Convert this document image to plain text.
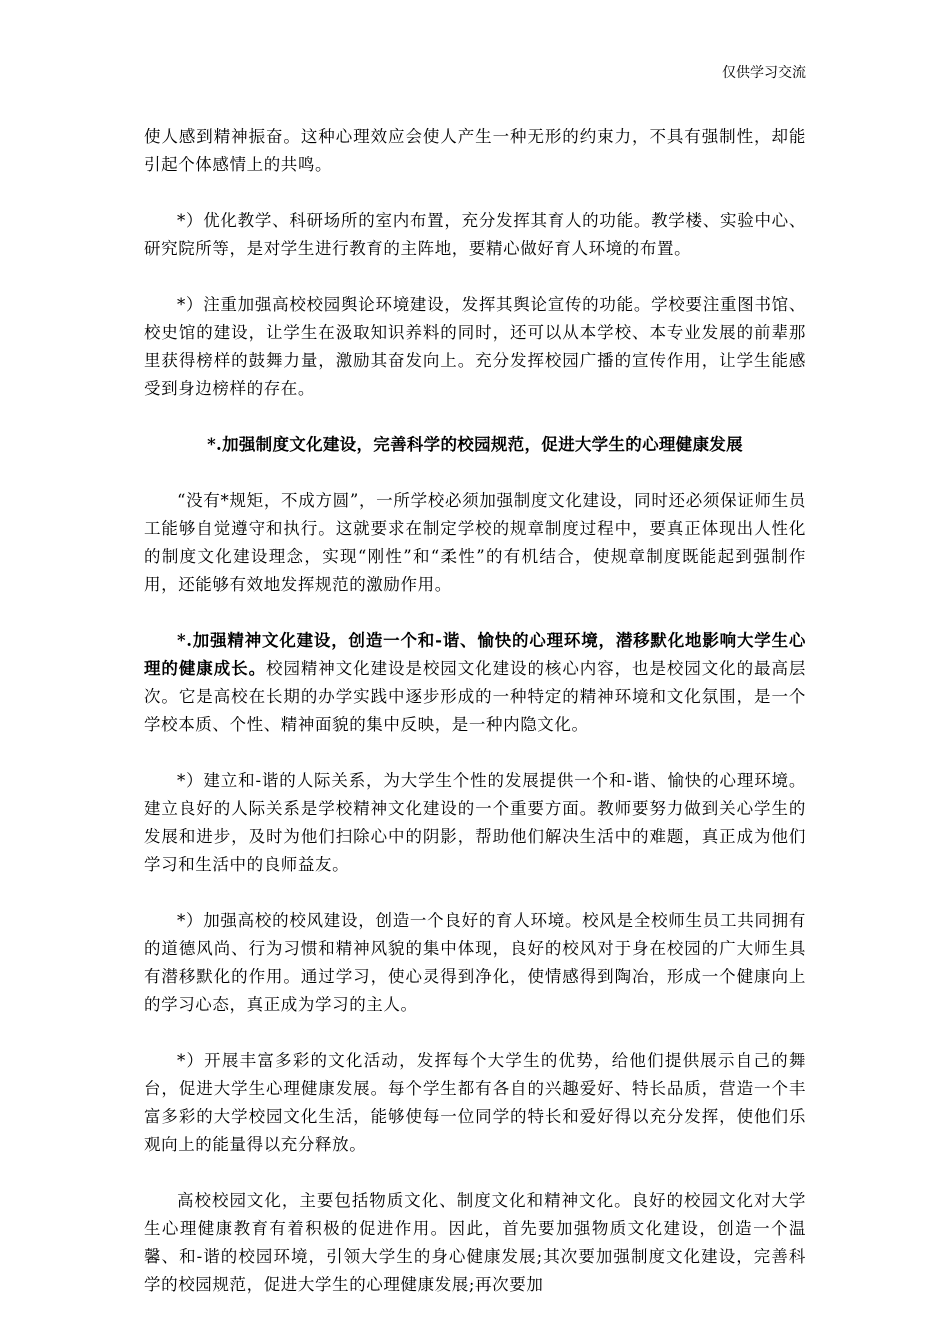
仅供学习交流

使人感到精神振奋。这种心理效应会使人产生一种无形的约束力，不具有强制性，却能引起个体感情上的共鸣。

*）优化教学、科研场所的室内布置，充分发挥其育人的功能。教学楼、实验中心、研究院所等，是对学生进行教育的主阵地，要精心做好育人环境的布置。

*）注重加强高校校园舆论环境建设，发挥其舆论宣传的功能。学校要注重图书馆、校史馆的建设，让学生在汲取知识养料的同时，还可以从本学校、本专业发展的前辈那里获得榜样的鼓舞力量，激励其奋发向上。充分发挥校园广播的宣传作用，让学生能感受到身边榜样的存在。

*.加强制度文化建设，完善科学的校园规范，促进大学生的心理健康发展

“没有*规矩，不成方圆”，一所学校必须加强制度文化建设，同时还必须保证师生员工能够自觉遵守和执行。这就要求在制定学校的规章制度过程中，要真正体现出人性化的制度文化建设理念，实现“刚性”和“柔性”的有机结合，使规章制度既能起到强制作用，还能够有效地发挥规范的激励作用。

*.加强精神文化建设，创造一个和-谐、愉快的心理环境，潜移默化地影响大学生心理的健康成长。校园精神文化建设是校园文化建设的核心内容，也是校园文化的最高层次。它是高校在长期的办学实践中逐步形成的一种特定的精神环境和文化氛围，是一个学校本质、个性、精神面貌的集中反映，是一种内隐文化。

*）建立和-谐的人际关系，为大学生个性的发展提供一个和-谐、愉快的心理环境。建立良好的人际关系是学校精神文化建设的一个重要方面。教师要努力做到关心学生的发展和进步，及时为他们扫除心中的阴影，帮助他们解决生活中的难题，真正成为他们学习和生活中的良师益友。

*）加强高校的校风建设，创造一个良好的育人环境。校风是全校师生员工共同拥有的道德风尚、行为习惯和精神风貌的集中体现，良好的校风对于身在校园的广大师生具有潜移默化的作用。通过学习，使心灵得到净化，使情感得到陶冶，形成一个健康向上的学习心态，真正成为学习的主人。

*）开展丰富多彩的文化活动，发挥每个大学生的优势，给他们提供展示自己的舞台，促进大学生心理健康发展。每个学生都有各自的兴趣爱好、特长品质，营造一个丰富多彩的大学校园文化生活，能够使每一位同学的特长和爱好得以充分发挥，使他们乐观向上的能量得以充分释放。

高校校园文化，主要包括物质文化、制度文化和精神文化。良好的校园文化对大学生心理健康教育有着积极的促进作用。因此，首先要加强物质文化建设，创造一个温馨、和-谐的校园环境，引领大学生的身心健康发展;其次要加强制度文化建设，完善科学的校园规范，促进大学生的心理健康发展;再次要加
